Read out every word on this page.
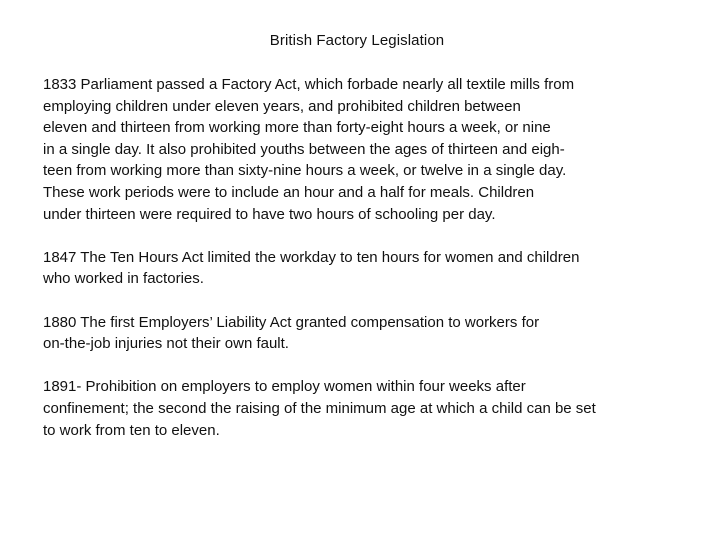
British Factory Legislation

1833 Parliament passed a Factory Act, which forbade nearly all textile mills from
employing children under eleven years, and prohibited children between
eleven and thirteen from working more than forty-eight hours a week, or nine
in a single day. It also prohibited youths between the ages of thirteen and eigh-
teen from working more than sixty-nine hours a week, or twelve in a single day.
These work periods were to include an hour and a half for meals. Children
under thirteen were required to have two hours of schooling per day.

1847 The Ten Hours Act limited the workday to ten hours for women and children
who worked in factories.

1880 The first Employers’ Liability Act granted compensation to workers for
on-the-job injuries not their own fault.

1891- Prohibition on employers to employ women within four weeks after
confinement; the second the raising of the minimum age at which a child can be set
to work from ten to eleven.
